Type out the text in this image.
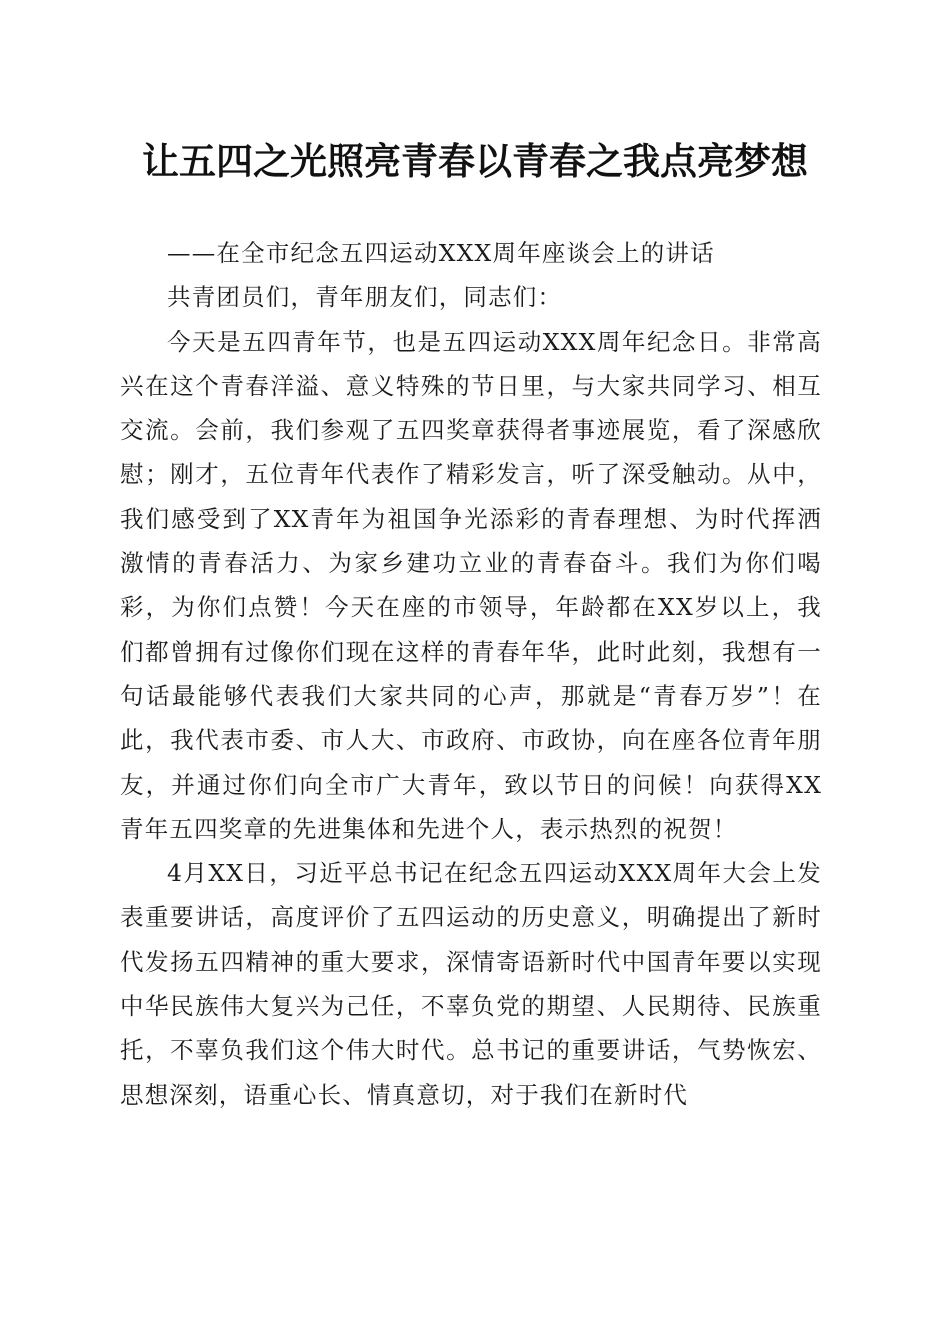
让五四之光照亮青春以青春之我点亮梦想

——在全市纪念五四运动XXX周年座谈会上的讲话

共青团员们，青年朋友们，同志们：

今天是五四青年节，也是五四运动XXX周年纪念日。非常高兴在这个青春洋溢、意义特殊的节日里，与大家共同学习、相互交流。会前，我们参观了五四奖章获得者事迹展览，看了深感欣慰；刚才，五位青年代表作了精彩发言，听了深受触动。从中，我们感受到了XX青年为祖国争光添彩的青春理想、为时代挥洒激情的青春活力、为家乡建功立业的青春奋斗。我们为你们喝彩，为你们点赞！今天在座的市领导，年龄都在XX岁以上，我们都曾拥有过像你们现在这样的青春年华，此时此刻，我想有一句话最能够代表我们大家共同的心声，那就是“青春万岁”！在此，我代表市委、市人大、市政府、市政协，向在座各位青年朋友，并通过你们向全市广大青年，致以节日的问候！向获得XX青年五四奖章的先进集体和先进个人，表示热烈的祝贺！

4月XX日，习近平总书记在纪念五四运动XXX周年大会上发表重要讲话，高度评价了五四运动的历史意义，明确提出了新时代发扬五四精神的重大要求，深情寄语新时代中国青年要以实现中华民族伟大复兴为己任，不辜负党的期望、人民期待、民族重托，不辜负我们这个伟大时代。总书记的重要讲话，气势恢宏、思想深刻，语重心长、情真意切，对于我们在新时代
